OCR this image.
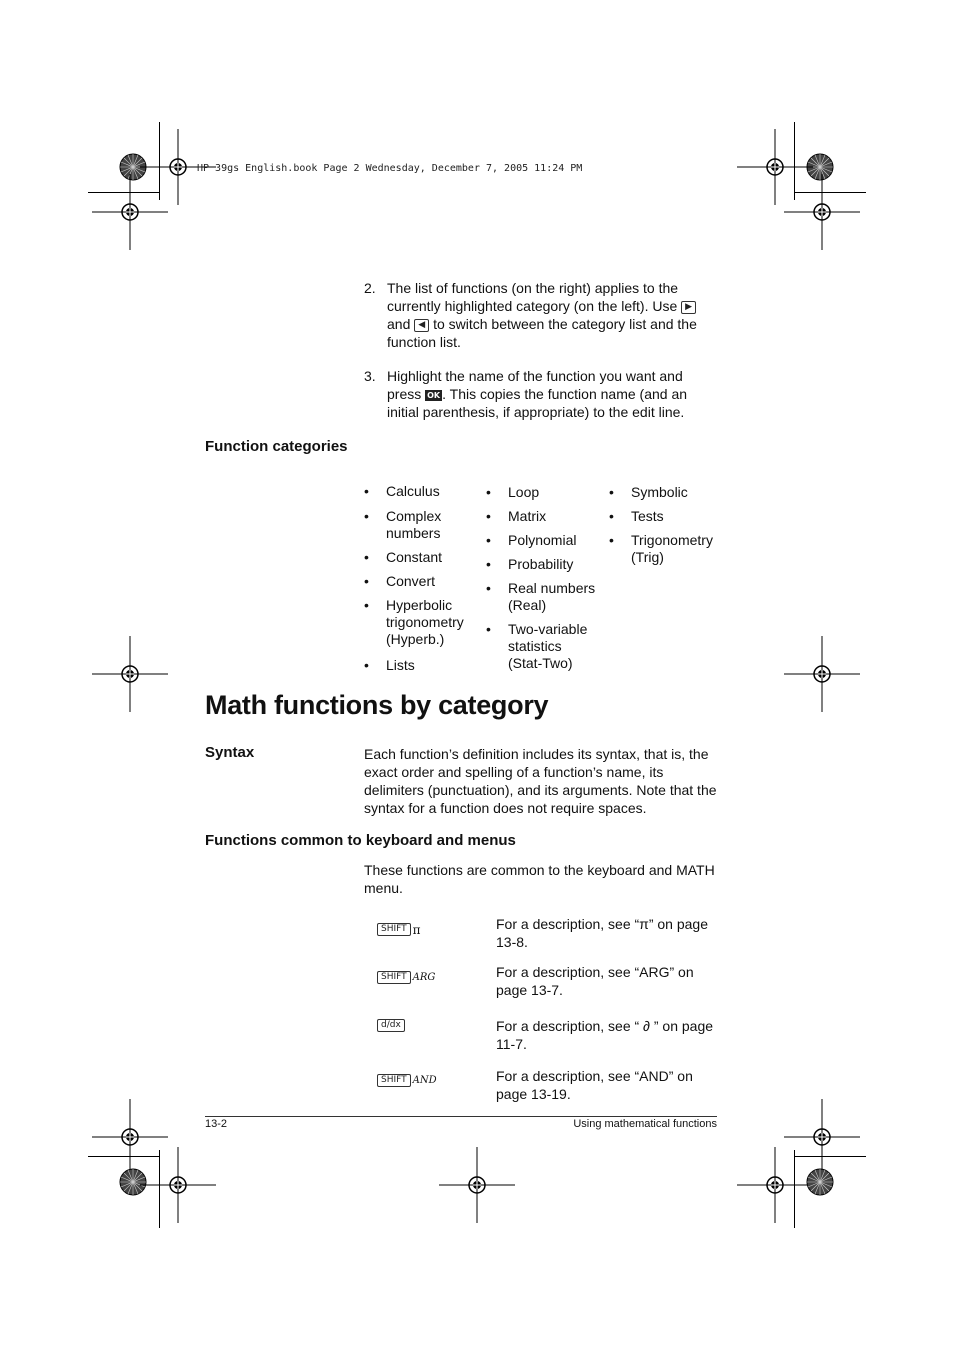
HP 39gs English.book Page 2 Wednesday, December 7, 2005 11:24 PM
2. The list of functions (on the right) applies to the currently highlighted category (on the left). Use ▶ and ◀ to switch between the category list and the function list.
3. Highlight the name of the function you want and press OK . This copies the function name (and an initial parenthesis, if appropriate) to the edit line.
Function categories
• Calculus
• Complex numbers
• Constant
• Convert
• Hyperbolic trigonometry (Hyperb.)
• Lists
• Loop
• Matrix
• Polynomial
• Probability
• Real numbers (Real)
• Two-variable statistics (Stat-Two)
• Symbolic
• Tests
• Trigonometry (Trig)
Math functions by category
Syntax	Each function’s definition includes its syntax, that is, the exact order and spelling of a function’s name, its delimiters (punctuation), and its arguments. Note that the syntax for a function does not require spaces.
Functions common to keyboard and menus
These functions are common to the keyboard and MATH menu.
SHIFT π	For a description, see “π” on page 13-8.
SHIFT ARG	For a description, see “ARG” on page 13-7.
d/dx	For a description, see “ ∂ ” on page 11-7.
SHIFT AND	For a description, see “AND” on page 13-19.
13-2	Using mathematical functions
